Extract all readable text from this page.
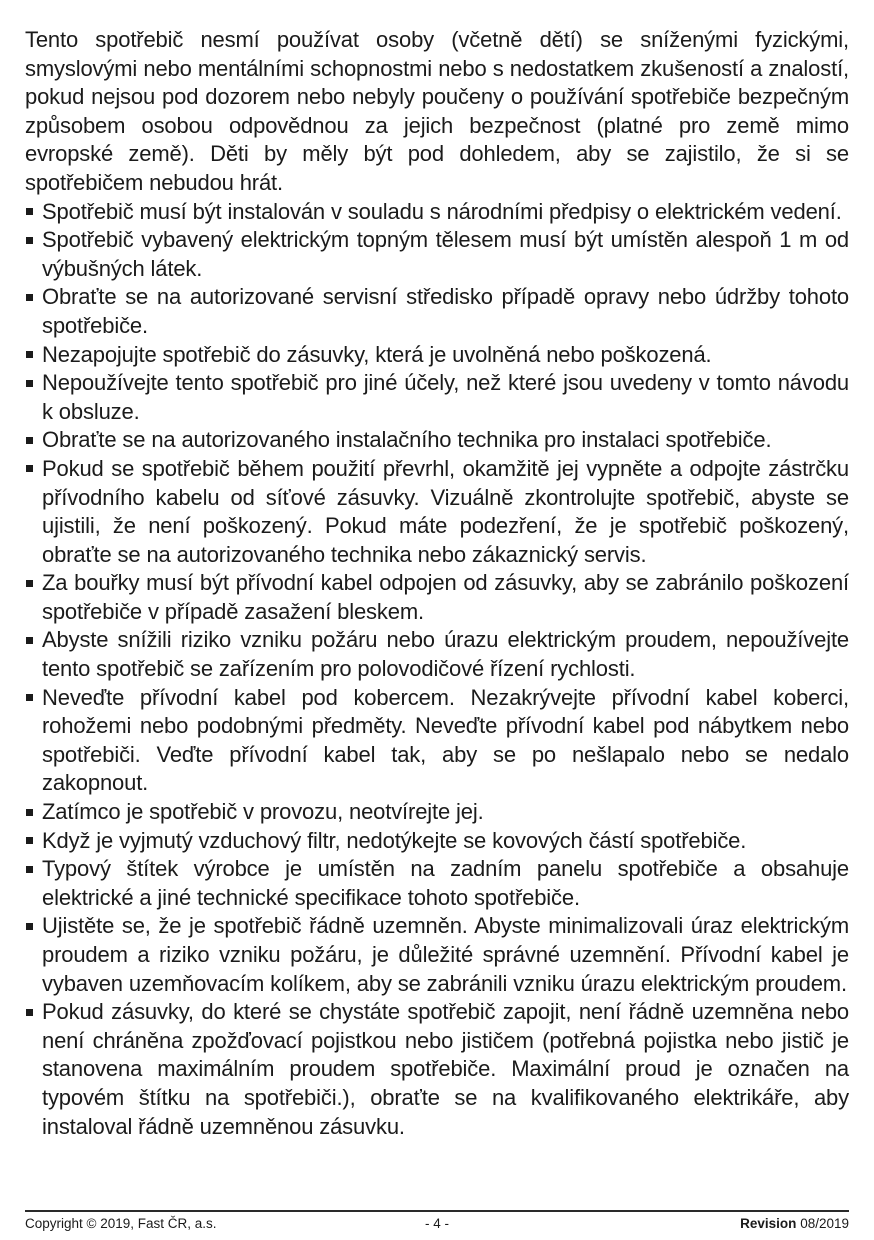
Tento spotřebič nesmí používat osoby (včetně dětí) se sníženými fyzickými, smyslovými nebo mentálními schopnostmi nebo s nedostatkem zkušeností a znalostí, pokud nejsou pod dozorem nebo nebyly poučeny o používání spotřebiče bezpečným způsobem osobou odpovědnou za jejich bezpečnost (platné pro země mimo evropské země). Děti by měly být pod dohledem, aby se zajistilo, že si se spotřebičem nebudou hrát.

Spotřebič musí být instalován v souladu s národními předpisy o elektrickém vedení.
Spotřebič vybavený elektrickým topným tělesem musí být umístěn alespoň 1 m od výbušných látek.
Obraťte se na autorizované servisní středisko případě opravy nebo údržby tohoto spotřebiče.
Nezapojujte spotřebič do zásuvky, která je uvolněná nebo poškozená.
Nepoužívejte tento spotřebič pro jiné účely, než které jsou uvedeny v tomto návodu k obsluze.
Obraťte se na autorizovaného instalačního technika pro instalaci spotřebiče.
Pokud se spotřebič během použití převrhl, okamžitě jej vypněte a odpojte zástrčku přívodního kabelu od síťové zásuvky. Vizuálně zkontrolujte spotřebič, abyste se ujistili, že není poškozený. Pokud máte podezření, že je spotřebič poškozený, obraťte se na autorizovaného technika nebo zákaznický servis.
Za bouřky musí být přívodní kabel odpojen od zásuvky, aby se zabránilo poškození spotřebiče v případě zasažení bleskem.
Abyste snížili riziko vzniku požáru nebo úrazu elektrickým proudem, nepoužívejte tento spotřebič se zařízením pro polovodičové řízení rychlosti.
Neveďte přívodní kabel pod kobercem. Nezakrývejte přívodní kabel koberci, rohožemi nebo podobnými předměty. Neveďte přívodní kabel pod nábytkem nebo spotřebiči. Veďte přívodní kabel tak, aby se po nešlapalo nebo se nedalo zakopnout.
Zatímco je spotřebič v provozu, neotvírejte jej.
Když je vyjmutý vzduchový filtr, nedotýkejte se kovových částí spotřebiče.
Typový štítek výrobce je umístěn na zadním panelu spotřebiče a obsahuje elektrické a jiné technické specifikace tohoto spotřebiče.
Ujistěte se, že je spotřebič řádně uzemněn. Abyste minimalizovali úraz elektrickým proudem a riziko vzniku požáru, je důležité správné uzemnění. Přívodní kabel je vybaven uzemňovacím kolíkem, aby se zabránili vzniku úrazu elektrickým proudem.
Pokud zásuvky, do které se chystáte spotřebič zapojit, není řádně uzemněna nebo není chráněna zpožďovací pojistkou nebo jističem (potřebná pojistka nebo jistič je stanovena maximálním proudem spotřebiče. Maximální proud je označen na typovém štítku na spotřebiči.), obraťte se na kvalifikovaného elektrikáře, aby instaloval řádně uzemněnou zásuvku.
Copyright © 2019, Fast ČR, a.s.	- 4 -	Revision 08/2019
